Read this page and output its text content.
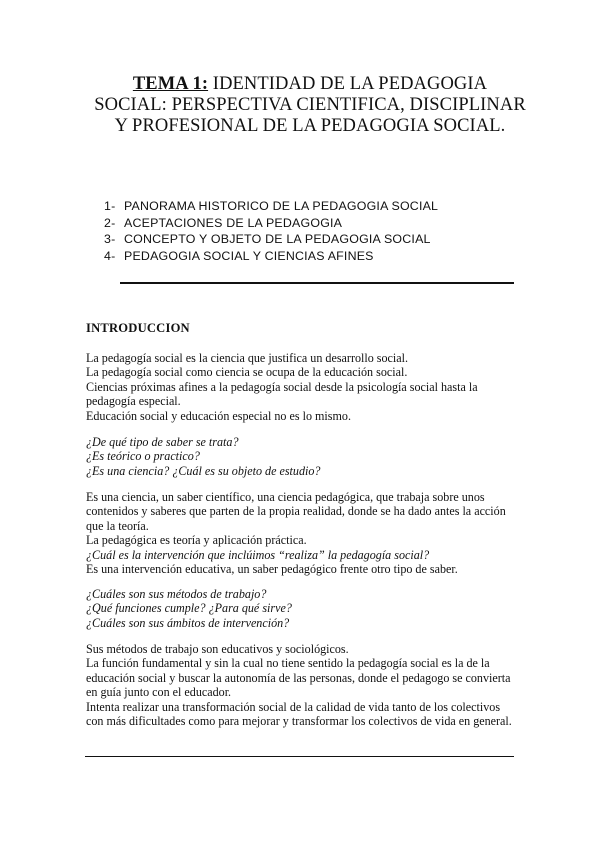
TEMA 1: IDENTIDAD DE LA PEDAGOGIA
SOCIAL: PERSPECTIVA CIENTIFICA, DISCIPLINAR
Y PROFESIONAL DE LA PEDAGOGIA SOCIAL.
1- PANORAMA HISTORICO DE LA PEDAGOGIA SOCIAL
2- ACEPTACIONES DE LA PEDAGOGIA
3- CONCEPTO Y OBJETO DE LA PEDAGOGIA SOCIAL
4- PEDAGOGIA SOCIAL Y CIENCIAS AFINES
INTRODUCCION
La pedagogía social es la ciencia que justifica un desarrollo social.
La pedagogía social como ciencia se ocupa de la educación social.
Ciencias próximas afines a la pedagogía social desde la psicología social hasta la
pedagogía especial.
Educación social y educación especial no es lo mismo.
¿De qué tipo de saber se trata?
¿Es teórico o practico?
¿Es una ciencia? ¿Cuál es su objeto de estudio?
Es una ciencia, un saber científico, una ciencia pedagógica, que trabaja sobre unos
contenidos y saberes que parten de la propia realidad, donde se ha dado antes la acción
que la teoría.
La pedagógica es teoría y aplicación práctica.
¿Cuál es la intervención que inclúimos “realiza” la pedagogía social?
Es una intervención educativa, un saber pedagógico frente otro tipo de saber.
¿Cuáles son sus métodos de trabajo?
¿Qué funciones cumple? ¿Para qué sirve?
¿Cuáles son sus ámbitos de intervención?
Sus métodos de trabajo son educativos y sociológicos.
La función fundamental y sin la cual no tiene sentido la pedagogía social es la de la
educación social y buscar la autonomía de las personas, donde el pedagogo se convierta
en guía junto con el educador.
Intenta realizar una transformación social de la calidad de vida tanto de los colectivos
con más dificultades como para mejorar y transformar los colectivos de vida en general.
